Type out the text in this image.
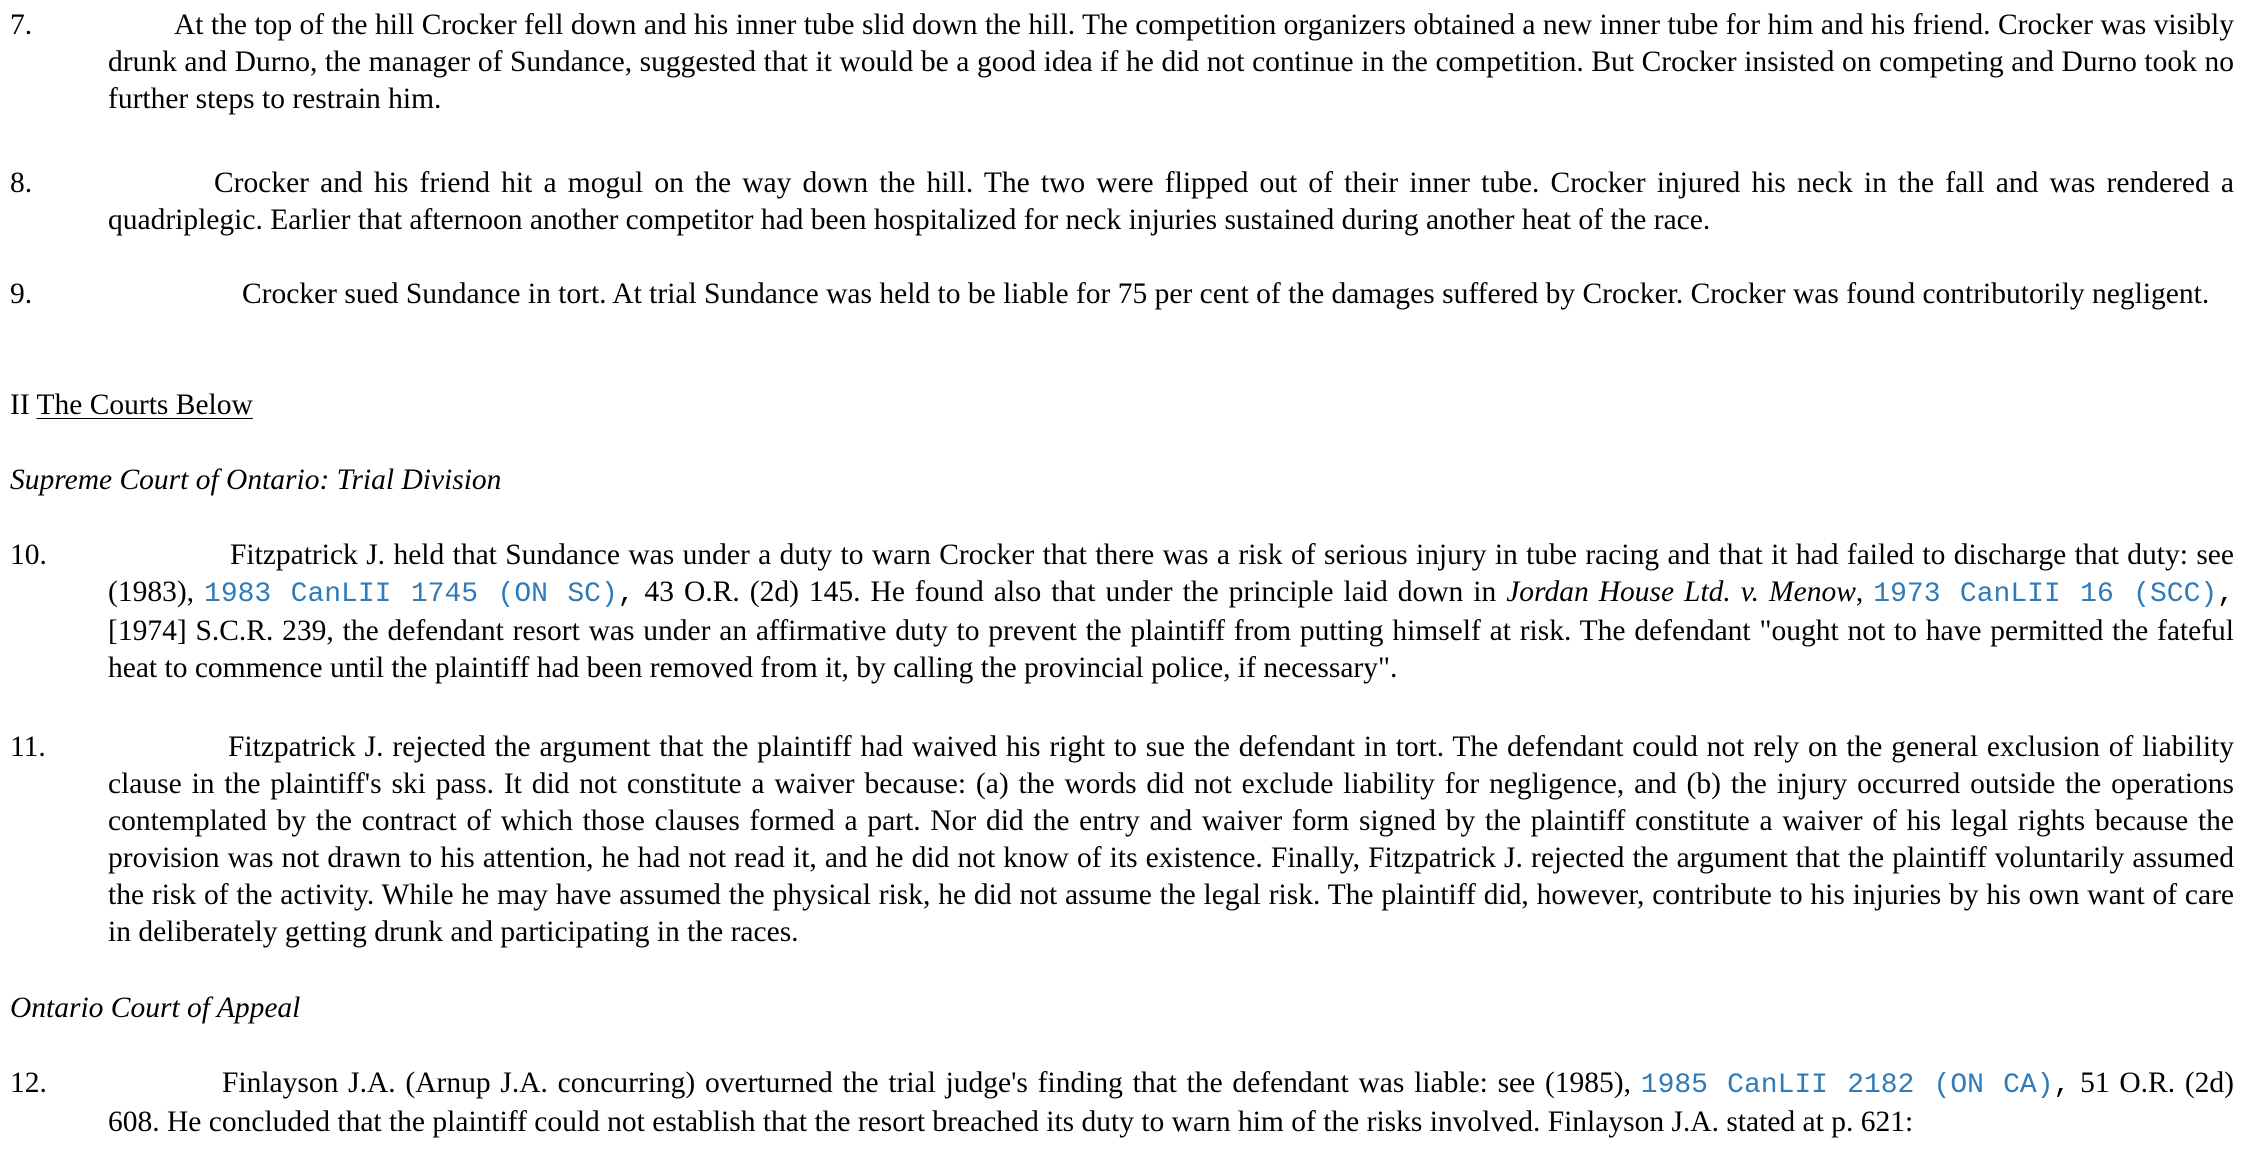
7.	At the top of the hill Crocker fell down and his inner tube slid down the hill. The competition organizers obtained a new inner tube for him and his friend. Crocker was visibly drunk and Durno, the manager of Sundance, suggested that it would be a good idea if he did not continue in the competition. But Crocker insisted on competing and Durno took no further steps to restrain him.
8.	Crocker and his friend hit a mogul on the way down the hill. The two were flipped out of their inner tube. Crocker injured his neck in the fall and was rendered a quadriplegic. Earlier that afternoon another competitor had been hospitalized for neck injuries sustained during another heat of the race.
9.	Crocker sued Sundance in tort. At trial Sundance was held to be liable for 75 per cent of the damages suffered by Crocker. Crocker was found contributorily negligent.
II The Courts Below
Supreme Court of Ontario: Trial Division
10.	Fitzpatrick J. held that Sundance was under a duty to warn Crocker that there was a risk of serious injury in tube racing and that it had failed to discharge that duty: see (1983), 1983 CanLII 1745 (ON SC), 43 O.R. (2d) 145. He found also that under the principle laid down in Jordan House Ltd. v. Menow, 1973 CanLII 16 (SCC), [1974] S.C.R. 239, the defendant resort was under an affirmative duty to prevent the plaintiff from putting himself at risk. The defendant "ought not to have permitted the fateful heat to commence until the plaintiff had been removed from it, by calling the provincial police, if necessary".
11.	Fitzpatrick J. rejected the argument that the plaintiff had waived his right to sue the defendant in tort. The defendant could not rely on the general exclusion of liability clause in the plaintiff's ski pass. It did not constitute a waiver because: (a) the words did not exclude liability for negligence, and (b) the injury occurred outside the operations contemplated by the contract of which those clauses formed a part. Nor did the entry and waiver form signed by the plaintiff constitute a waiver of his legal rights because the provision was not drawn to his attention, he had not read it, and he did not know of its existence. Finally, Fitzpatrick J. rejected the argument that the plaintiff voluntarily assumed the risk of the activity. While he may have assumed the physical risk, he did not assume the legal risk. The plaintiff did, however, contribute to his injuries by his own want of care in deliberately getting drunk and participating in the races.
Ontario Court of Appeal
12.	Finlayson J.A. (Arnup J.A. concurring) overturned the trial judge's finding that the defendant was liable: see (1985), 1985 CanLII 2182 (ON CA), 51 O.R. (2d) 608. He concluded that the plaintiff could not establish that the resort breached its duty to warn him of the risks involved. Finlayson J.A. stated at p. 621:
